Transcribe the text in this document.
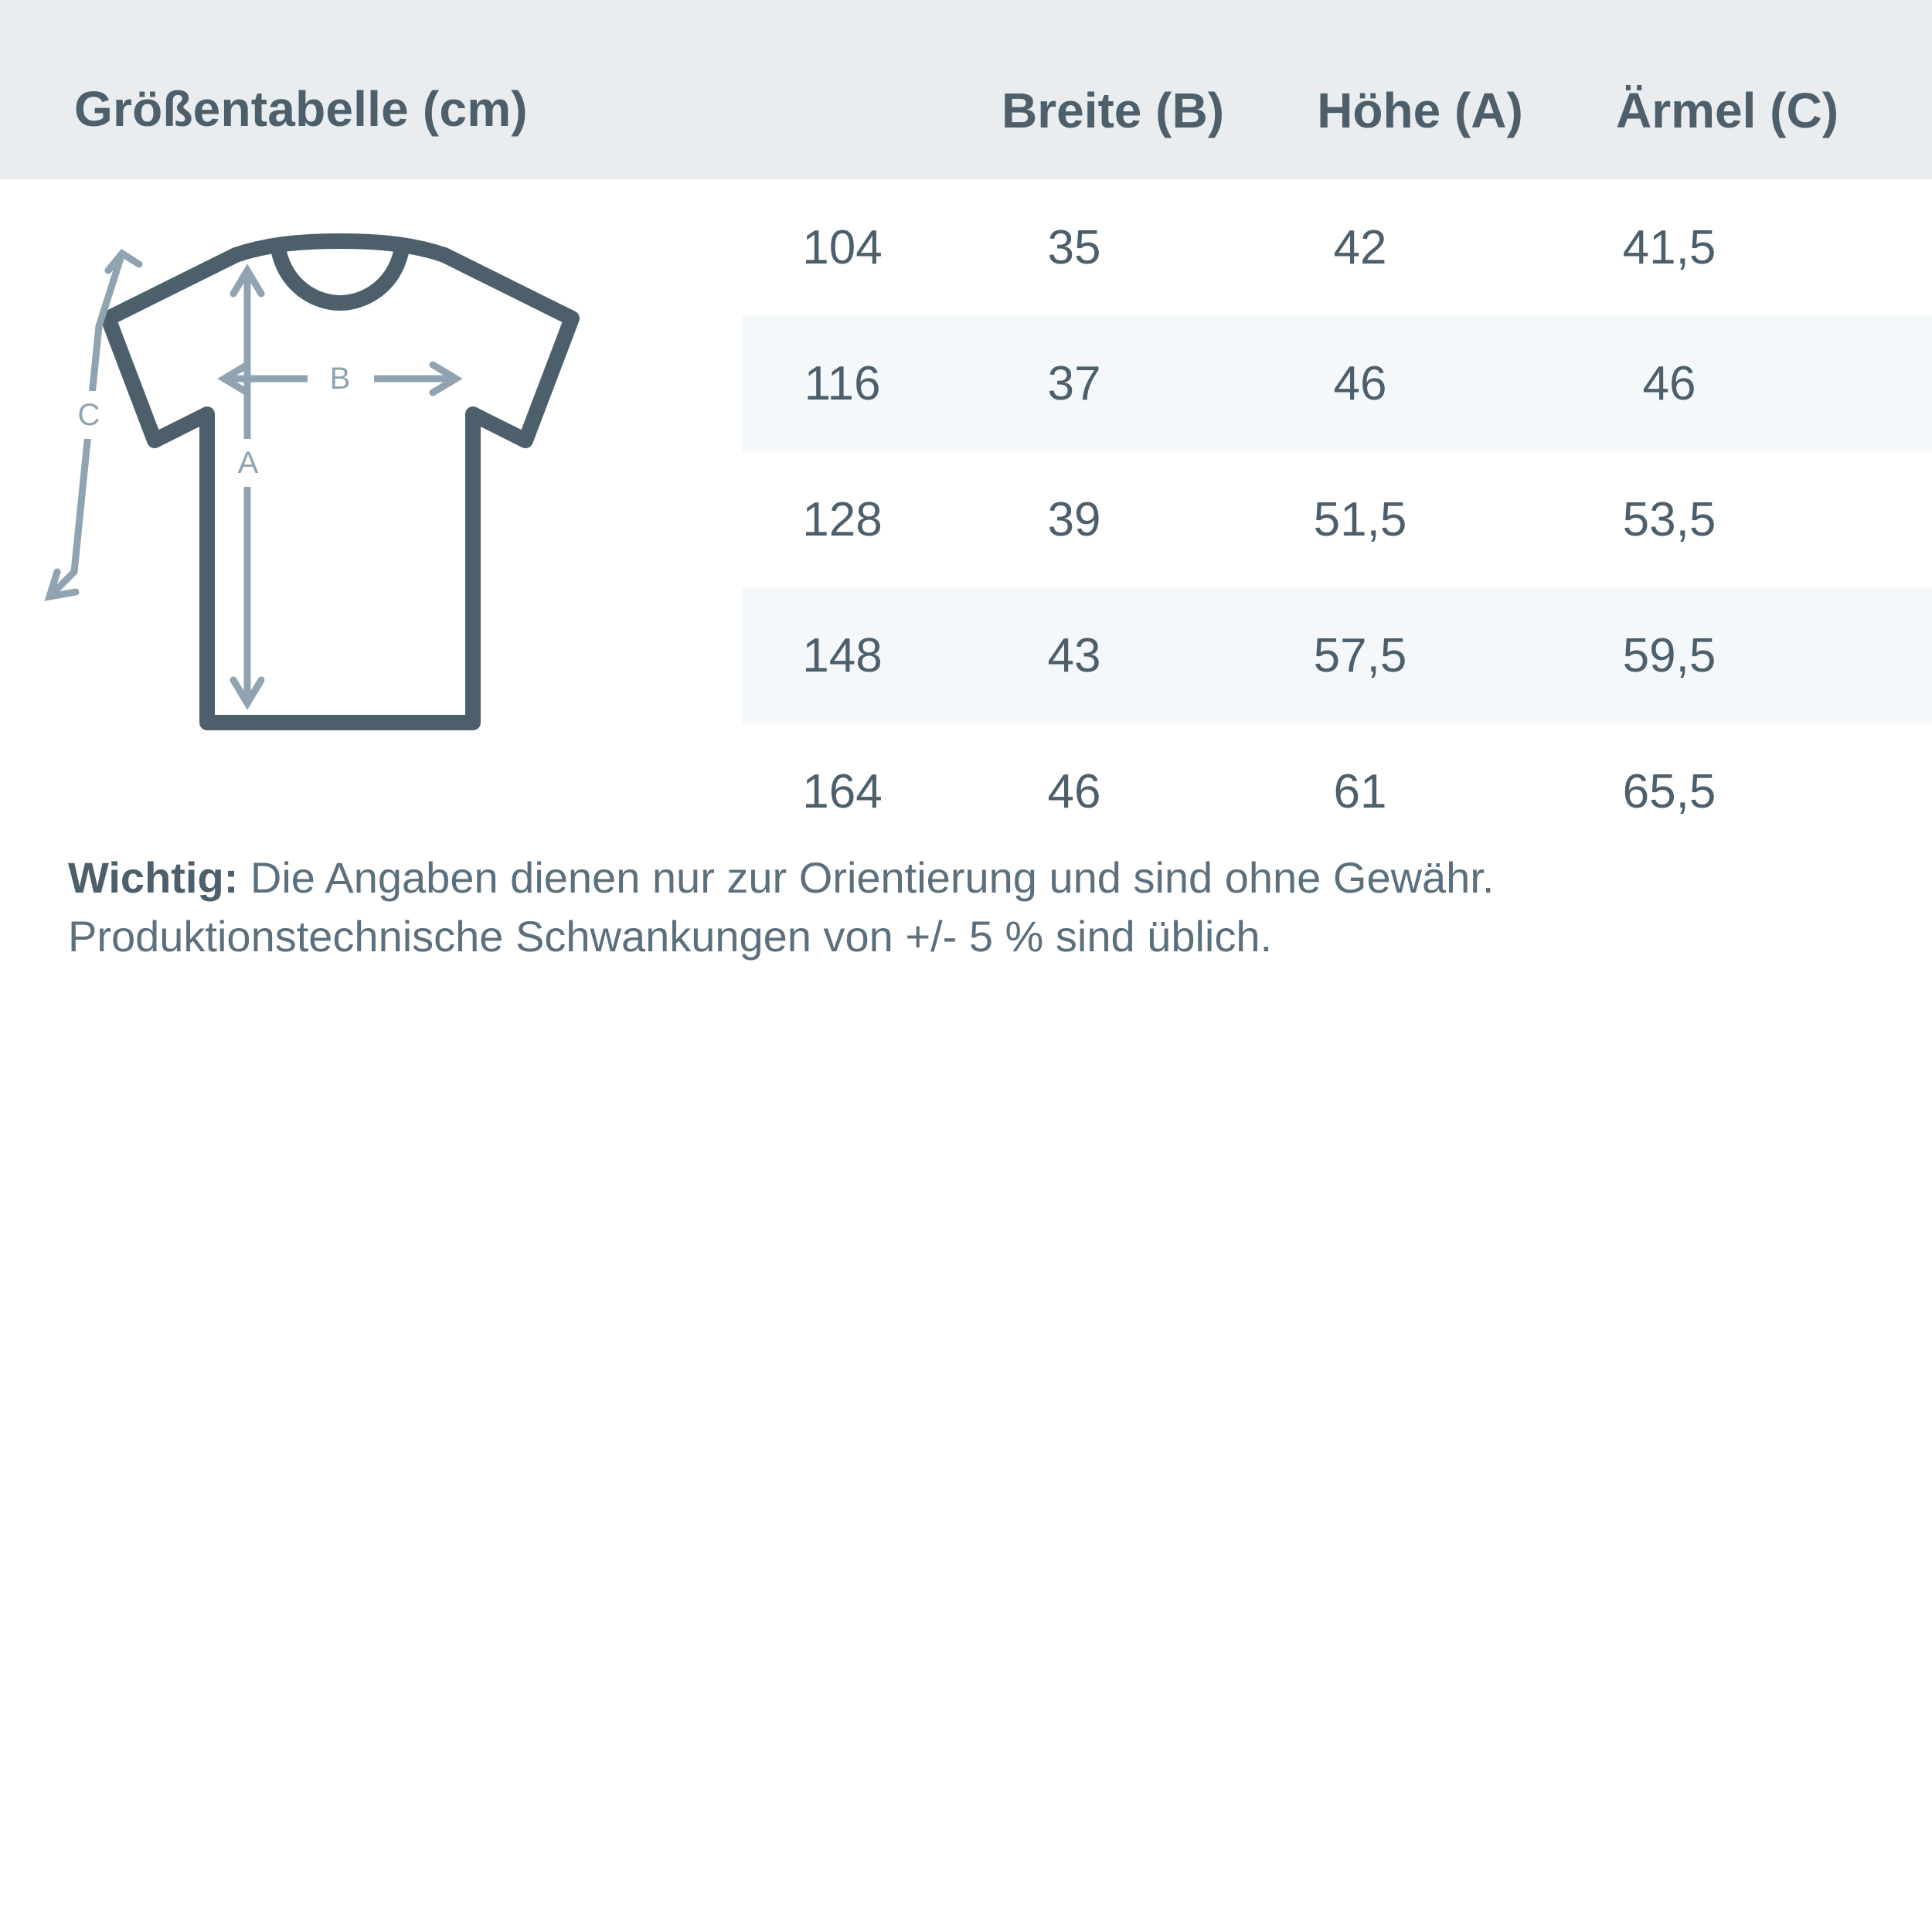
Größentabelle (cm)	Breite (B)	Höhe (A)	Ärmel (C)
104	35	42	41,5
116	37	46	46
128	39	51,5	53,5
148	43	57,5	59,5
164	46	61	65,5
B
A
C
Wichtig: Die Angaben dienen nur zur Orientierung und sind ohne Gewähr. Produktionstechnische Schwankungen von +/- 5 % sind üblich.
